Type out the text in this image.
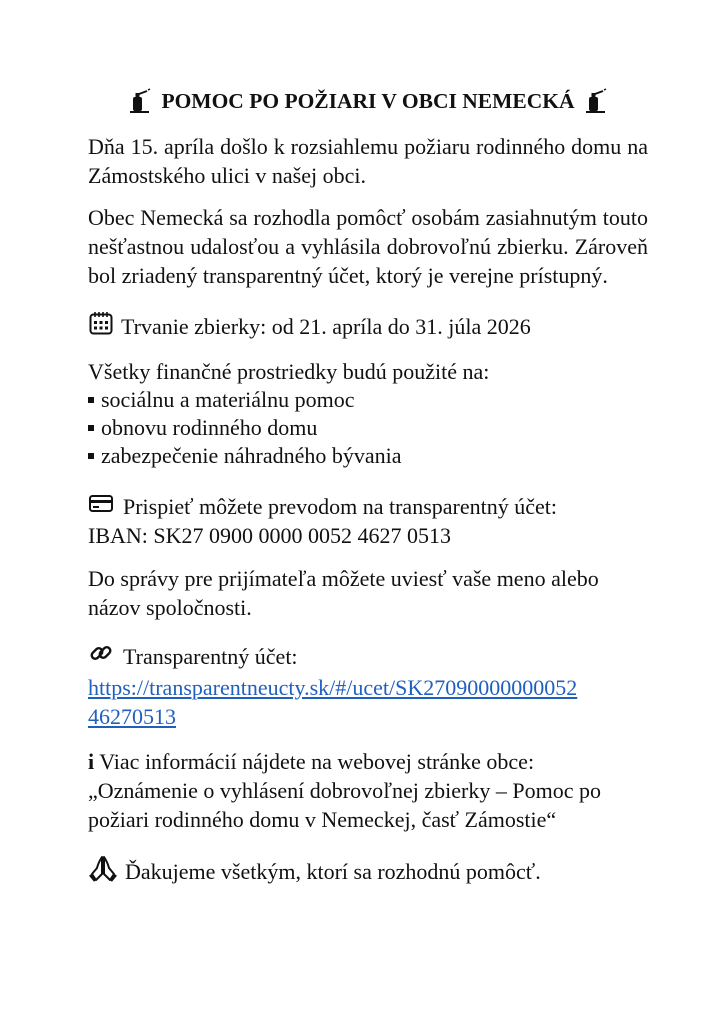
POMOC PO POŽIARI V OBCI NEMECKÁ

Dňa 15. apríla došlo k rozsiahlemu požiaru rodinného domu na Zámostského ulici v našej obci.

Obec Nemecká sa rozhodla pomôcť osobám zasiahnutým touto nešťastnou udalosťou a vyhlásila dobrovoľnú zbierku. Zároveň bol zriadený transparentný účet, ktorý je verejne prístupný.

Trvanie zbierky: od 21. apríla do 31. júla 2026

Všetky finančné prostriedky budú použité na:

sociálnu a materiálnu pomoc
obnovu rodinného domu
zabezpečenie náhradného bývania

Prispieť môžete prevodom na transparentný účet:

IBAN: SK27 0900 0000 0052 4627 0513

Do správy pre prijímateľa môžete uviesť vaše meno alebo názov spoločnosti.

Transparentný účet:

https://transparentneucty.sk/#/ucet/SK27090000000052
46270513

i Viac informácií nájdete na webovej stránke obce: „Oznámenie o vyhlásení dobrovoľnej zbierky – Pomoc po požiari rodinného domu v Nemeckej, časť Zámostie“

Ďakujeme všetkým, ktorí sa rozhodnú pomôcť.
